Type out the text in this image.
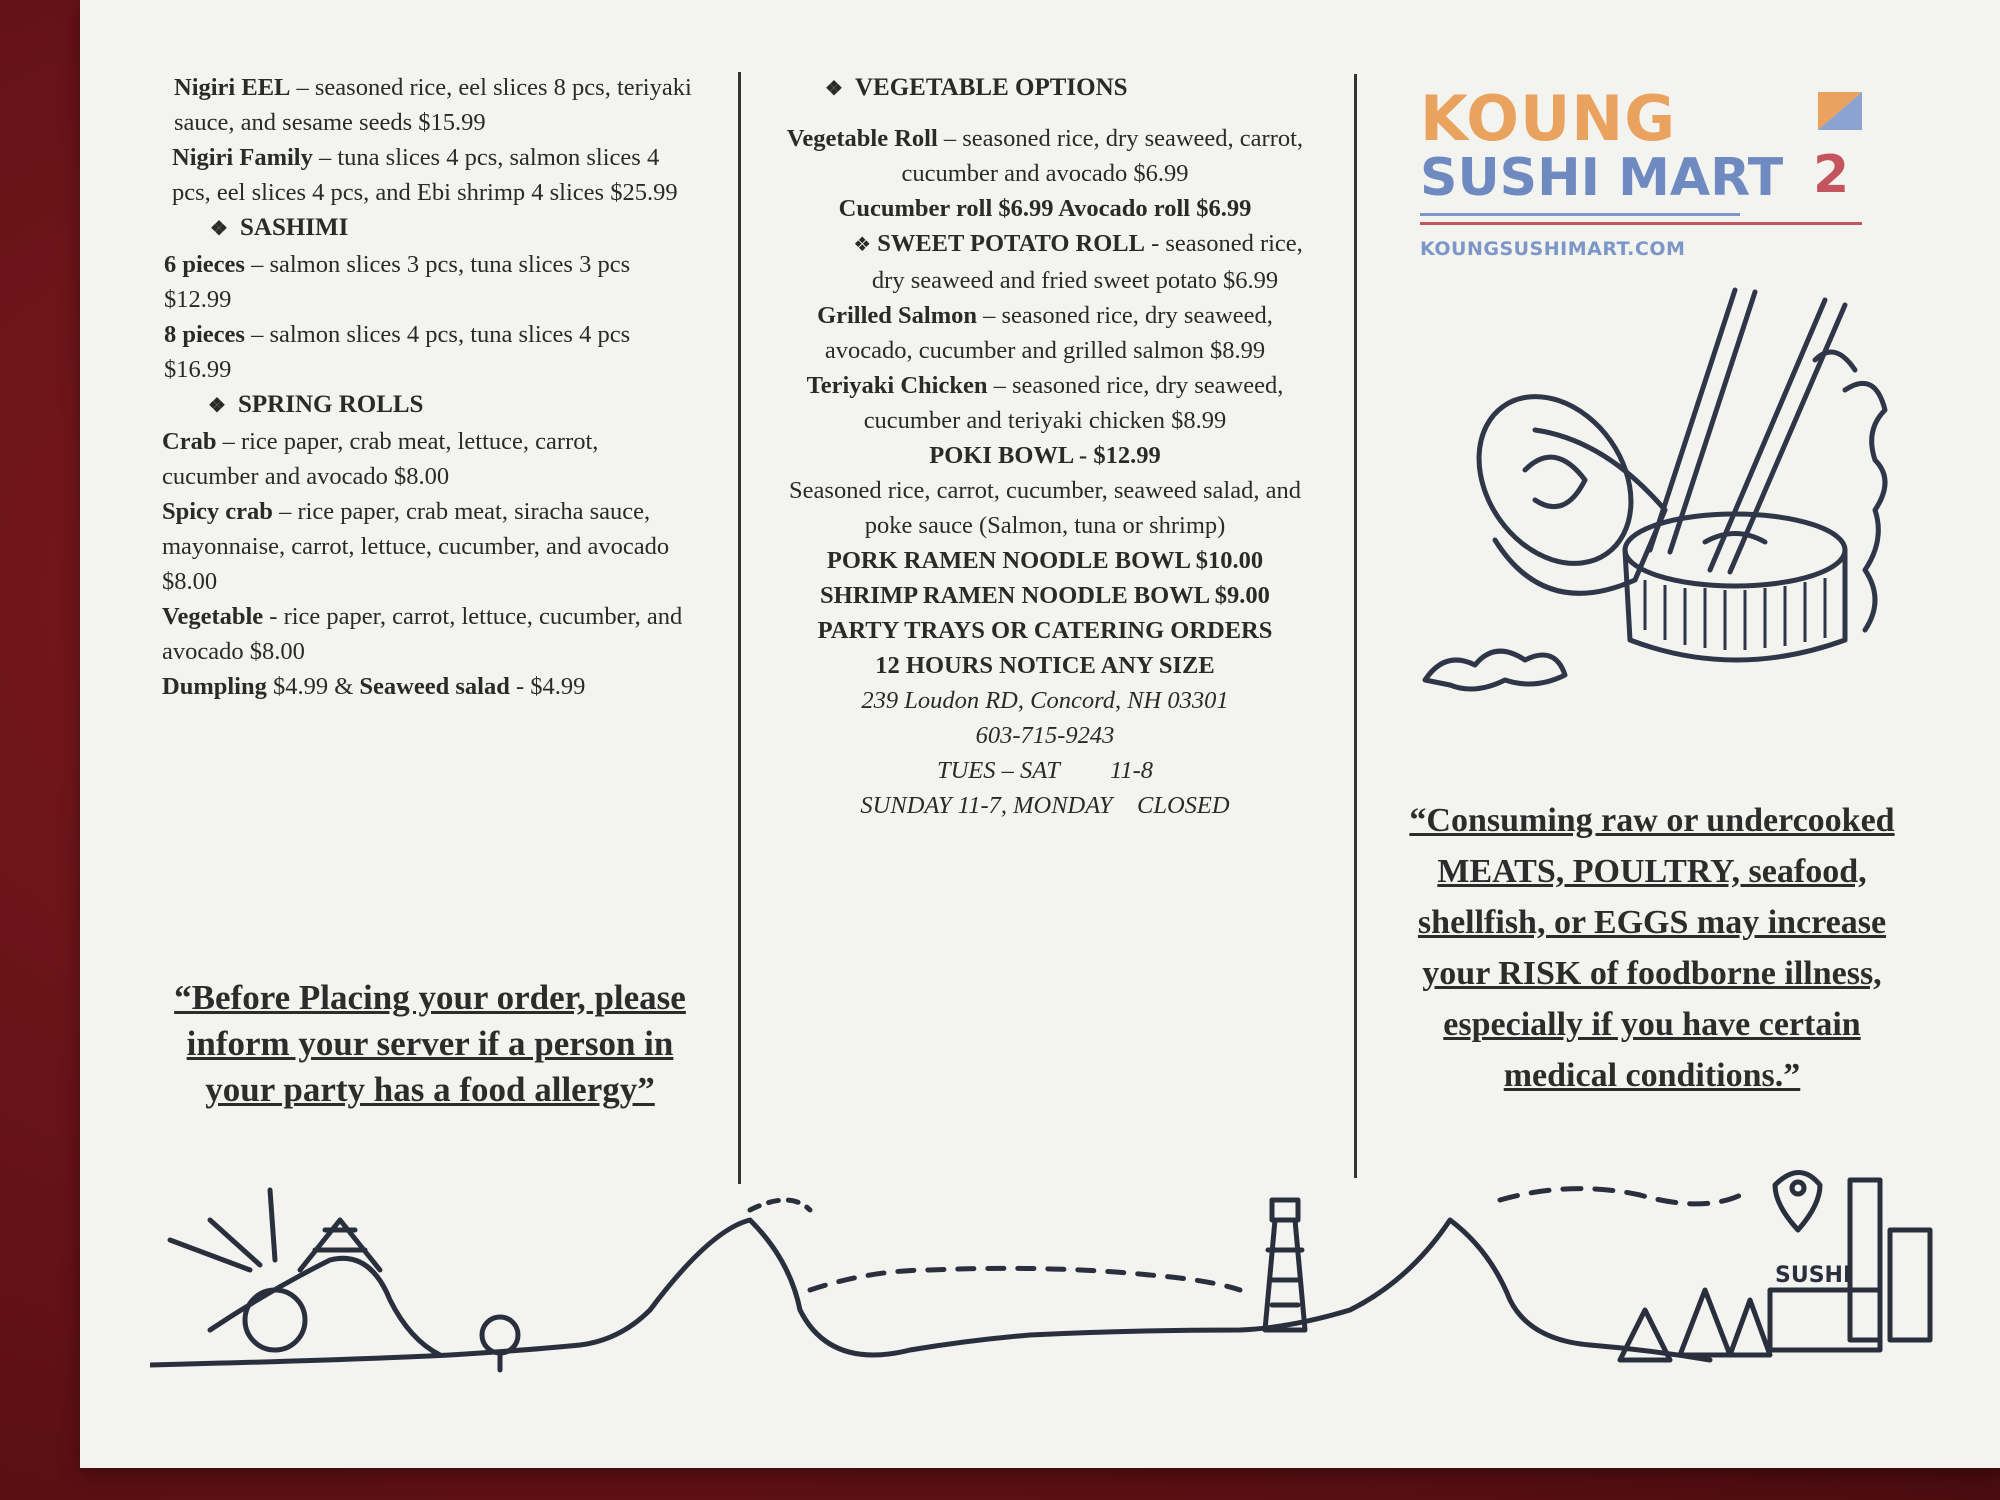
Nigiri EEL – seasoned rice, eel slices 8 pcs, teriyaki sauce, and sesame seeds $15.99

Nigiri Family – tuna slices 4 pcs, salmon slices 4 pcs, eel slices 4 pcs, and Ebi shrimp 4 slices $25.99

❖ SASHIMI

6 pieces – salmon slices 3 pcs, tuna slices 3 pcs $12.99

8 pieces – salmon slices 4 pcs, tuna slices 4 pcs $16.99

❖ SPRING ROLLS

Crab – rice paper, crab meat, lettuce, carrot, cucumber and avocado $8.00

Spicy crab – rice paper, crab meat, siracha sauce, mayonnaise, carrot, lettuce, cucumber, and avocado $8.00

Vegetable - rice paper, carrot, lettuce, cucumber, and avocado $8.00

Dumpling $4.99 & Seaweed salad - $4.99

“Before Placing your order, please inform your server if a person in your party has a food allergy”

❖ VEGETABLE OPTIONS

Vegetable Roll – seasoned rice, dry seaweed, carrot, cucumber and avocado $6.99

Cucumber roll $6.99 Avocado roll $6.99

❖ SWEET POTATO ROLL - seasoned rice, dry seaweed and fried sweet potato $6.99

Grilled Salmon – seasoned rice, dry seaweed, avocado, cucumber and grilled salmon $8.99

Teriyaki Chicken – seasoned rice, dry seaweed, cucumber and teriyaki chicken $8.99

POKI BOWL - $12.99

Seasoned rice, carrot, cucumber, seaweed salad, and poke sauce (Salmon, tuna or shrimp)

PORK RAMEN NOODLE BOWL $10.00

SHRIMP RAMEN NOODLE BOWL $9.00

PARTY TRAYS OR CATERING ORDERS

12 HOURS NOTICE ANY SIZE

239 Loudon RD, Concord, NH 03301

603-715-9243

TUES – SAT 11-8

SUNDAY 11-7, MONDAY    CLOSED

KOUNG
SUSHI MART 2
KOUNGSUSHIMART.COM
“Consuming raw or undercooked MEATS, POULTRY, seafood, shellfish, or EGGS may increase your RISK of foodborne illness, especially if you have certain medical conditions.”
SUSHI
